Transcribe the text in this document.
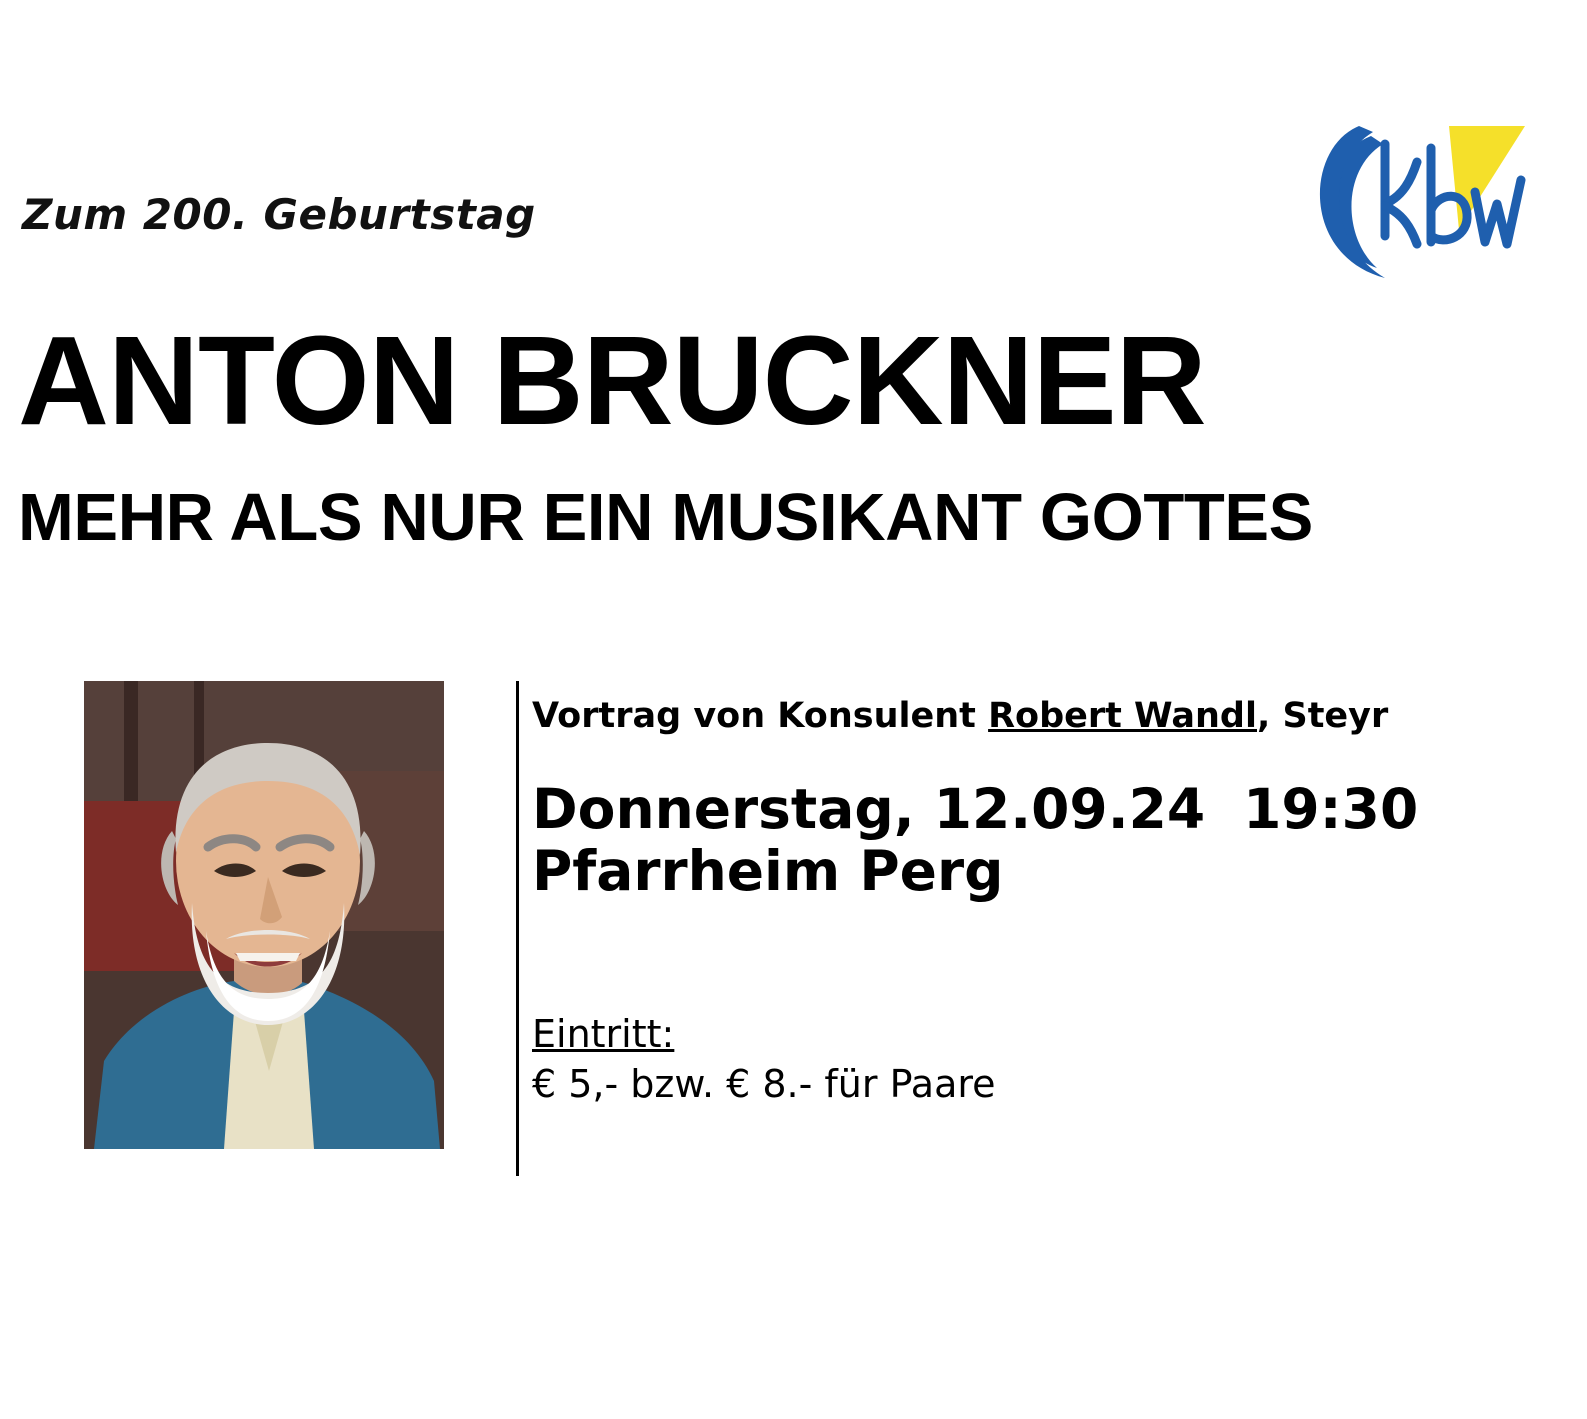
Zum 200. Geburtstag
ANTON BRUCKNER
MEHR ALS NUR EIN MUSIKANT GOTTES
Vortrag von Konsulent Robert Wandl, Steyr
Donnerstag, 12.09.24 19:30
Pfarrheim Perg
Eintritt:
€ 5,- bzw. € 8.- für Paare
